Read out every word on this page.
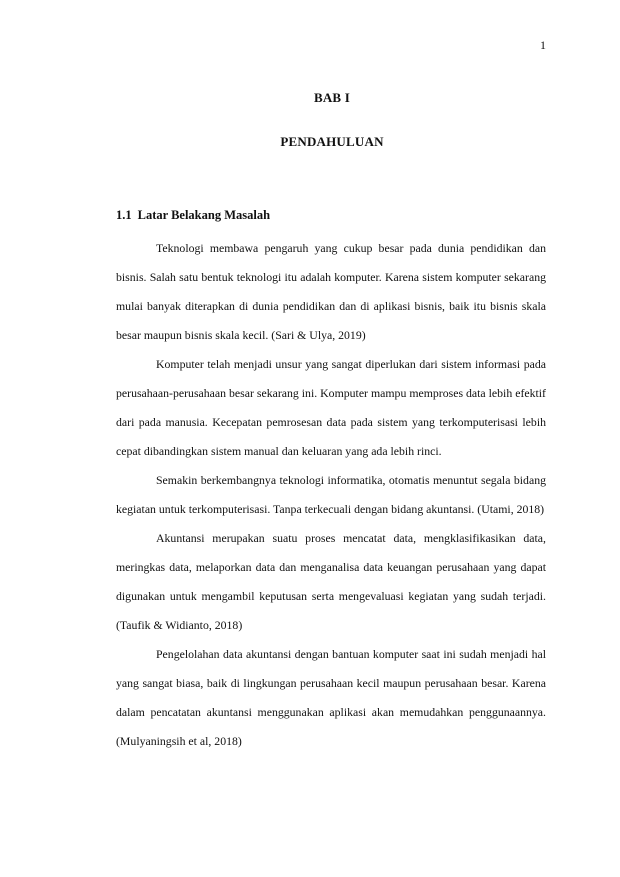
1
BAB I
PENDAHULUAN
1.1 Latar Belakang Masalah

Teknologi membawa pengaruh yang cukup besar pada dunia pendidikan dan bisnis. Salah satu bentuk teknologi itu adalah komputer. Karena sistem komputer sekarang mulai banyak diterapkan di dunia pendidikan dan di aplikasi bisnis, baik itu bisnis skala besar maupun bisnis skala kecil. (Sari & Ulya, 2019)

Komputer telah menjadi unsur yang sangat diperlukan dari sistem informasi pada perusahaan-perusahaan besar sekarang ini. Komputer mampu memproses data lebih efektif dari pada manusia. Kecepatan pemrosesan data pada sistem yang terkomputerisasi lebih cepat dibandingkan sistem manual dan keluaran yang ada lebih rinci.

Semakin berkembangnya teknologi informatika, otomatis menuntut segala bidang kegiatan untuk terkomputerisasi. Tanpa terkecuali dengan bidang akuntansi. (Utami, 2018)

Akuntansi merupakan suatu proses mencatat data, mengklasifikasikan data, meringkas data, melaporkan data dan menganalisa data keuangan perusahaan yang dapat digunakan untuk mengambil keputusan serta mengevaluasi kegiatan yang sudah terjadi. (Taufik & Widianto, 2018)

Pengelolahan data akuntansi dengan bantuan komputer saat ini sudah menjadi hal yang sangat biasa, baik di lingkungan perusahaan kecil maupun perusahaan besar. Karena dalam pencatatan akuntansi menggunakan aplikasi akan memudahkan penggunaannya. (Mulyaningsih et al, 2018)
